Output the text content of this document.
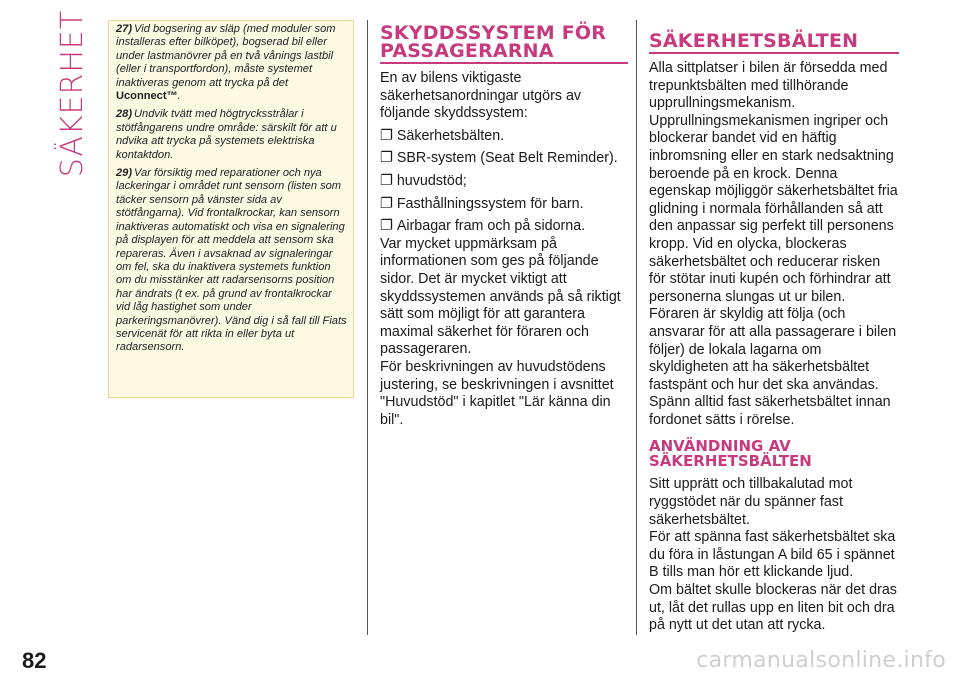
SÄKERHET 27) Vid bogsering av släp (med moduler som installeras efter bilköpet), bogserad bil eller under lastmanövrer på en två vånings lastbil (eller i transportfordon), måste systemet inaktiveras genom att trycka på det Uconnect™.

28) Undvik tvätt med högtrycksstrålar i stötfångarens undre område: särskilt för att u ndvika att trycka på systemets elektriska kontaktdon.

29) Var försiktig med reparationer och nya lackeringar i området runt sensorn (listen som täcker sensorn på vänster sida av stötfångarna). Vid frontalkrockar, kan sensorn inaktiveras automatiskt och visa en signalering på displayen för att meddela att sensorn ska repareras. Även i avsaknad av signaleringar om fel, ska du inaktivera systemets funktion om du misstänker att radarsensorns position har ändrats (t ex. på grund av frontalkrockar vid låg hastighet som under parkeringsmanövrer). Vänd dig i så fall till Fiats servicenät för att rikta in eller byta ut radarsensorn.

SKYDDSSYSTEM FÖR PASSAGERARNA

En av bilens viktigaste säkerhetsanordningar utgörs av följande skyddssystem:

❐ Säkerhetsbälten.
❐ SBR-system (Seat Belt Reminder).
❐ huvudstöd;
❐ Fasthållningssystem för barn.
❐ Airbagar fram och på sidorna.

Var mycket uppmärksam på informationen som ges på följande sidor. Det är mycket viktigt att skyddssystemen används på så riktigt sätt som möjligt för att garantera maximal säkerhet för föraren och passageraren.

För beskrivningen av huvudstödens justering, se beskrivningen i avsnittet "Huvudstöd" i kapitlet "Lär känna din bil".

SÄKERHETSBÄLTEN

Alla sittplatser i bilen är försedda med trepunktsbälten med tillhörande upprullningsmekanism.

Upprullningsmekanismen ingriper och blockerar bandet vid en häftig inbromsning eller en stark nedsaktning beroende på en krock. Denna egenskap möjliggör säkerhetsbältet fria glidning i normala förhållanden så att den anpassar sig perfekt till personens kropp. Vid en olycka, blockeras säkerhetsbältet och reducerar risken för stötar inuti kupén och förhindrar att personerna slungas ut ur bilen.

Föraren är skyldig att följa (och ansvarar för att alla passagerare i bilen följer) de lokala lagarna om skyldigheten att ha säkerhetsbältet fastspänt och hur det ska användas.

Spänn alltid fast säkerhetsbältet innan fordonet sätts i rörelse.

ANVÄNDNING AV SÄKERHETSBÄLTEN

Sitt upprätt och tillbakalutad mot ryggstödet när du spänner fast säkerhetsbältet.

För att spänna fast säkerhetsbältet ska du föra in låstungan A bild 65 i spännet B tills man hör ett klickande ljud.

Om bältet skulle blockeras när det dras ut, låt det rullas upp en liten bit och dra på nytt ut det utan att rycka.

82	carmanualsonline.info
